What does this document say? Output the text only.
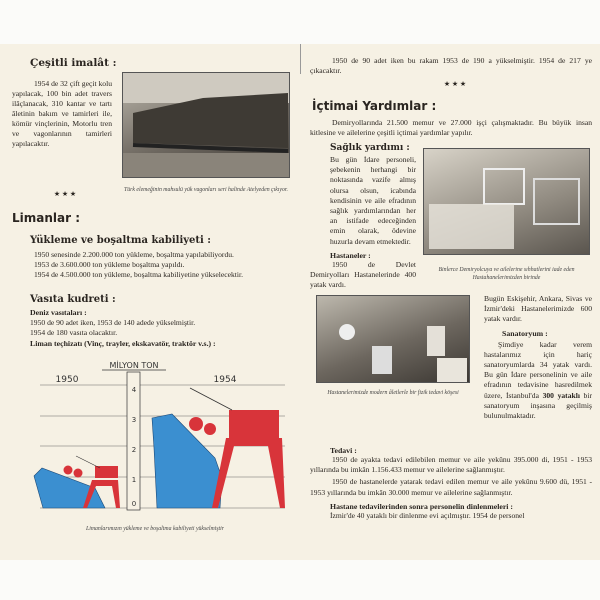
Çeşitli imalât :
1954 de 32 çift geçit kolu yapılacak, 100 bin adet travers ilâçlanacak, 310 kantar ve tartı âletinin bakım ve tamirleri ile, kömür vinçlerinin, Motorlu tren ve vagonlarının tamirleri yapılacaktır.
Türk elemeğinin mahsulü yük vagonları seri halinde Atelyeden çıkıyor.
★ ★ ★
Limanlar :
Yükleme ve boşaltma kabiliyeti :
1950 senesinde 2.200.000 ton yükleme, boşaltma yapılabiliyordu.
1953 de 3.600.000 ton yükleme boşaltma yapıldı.
1954 de 4.500.000 ton yükleme, boşaltma kabiliyetine yükselecektir.
Vasıta kudreti :
Deniz vasıtaları :
1950 de 90 adet iken, 1953 de 140 adede yükselmiştir.
1954 de 180 vasıta olacaktır.
Liman teçhizatı (Vinç, trayler, ekskavatör, traktör v.s.) :
MİLYON TON
1950	1954
0
1
2
3
4
Limanlarımızın yükleme ve boşaltma kabiliyeti yükselmiştir
1950 de 90 adet iken bu rakam 1953 de 190 a yükselmiştir. 1954 de 217 ye çıkacaktır.
★ ★ ★
İçtimai Yardımlar :
Demiryollarında 21.500 memur ve 27.000 işçi çalışmaktadır. Bu büyük insan kitlesine ve ailelerine çeşitli içtimai yardımlar yapılır.
Sağlık yardımı :
Bu gün İdare personeli, şebekenin herhangi bir noktasında vazife almış olursa olsun, icabında kendisinin ve aile efradının sağlık yardımlarından her an istifade edeceğinden emin olarak, ödevine huzurla devam etmektedir.
Hastaneler :
1950 de Devlet Demiryolları Hastanelerinde 400 yatak vardı.
Binlerce Demiryolcuya ve ailelerine sıhhatlerini iade eden Hastahanelerimizden birinde
Hastanelerimizde modern âletlerle bir fizik tedavi köşesi
Bugün Eskişehir, Ankara, Sivas ve İzmir'deki Hastanelerimizde 600 yatak vardır.
Sanatoryum :
Şimdiye kadar verem hastalarımız için hariç sanatoryumlarda 34 yatak vardı. Bu gün İdare personelinin ve aile efradının tedavisine hasredilmek üzere, İstanbul'da 300 yataklı bir sanatoryum inşasına geçilmiş bulunulmaktadır.
Tedavi :
1950 de ayakta tedavi edilebilen memur ve aile yekûnu 395.000 di, 1951 - 1953 yıllarında bu imkân 1.156.433 memur ve ailelerine sağlanmıştır.
1950 de hastanelerde yatarak tedavi edilen memur ve aile yekûnu 9.600 dü, 1951 - 1953 yıllarında bu imkân 30.000 memur ve ailelerine sağlanmıştır.
Hastane tedavilerinden sonra personelin dinlenmeleri :
İzmir'de 40 yataklı bir dinlenme evi açılmıştır. 1954 de personel
